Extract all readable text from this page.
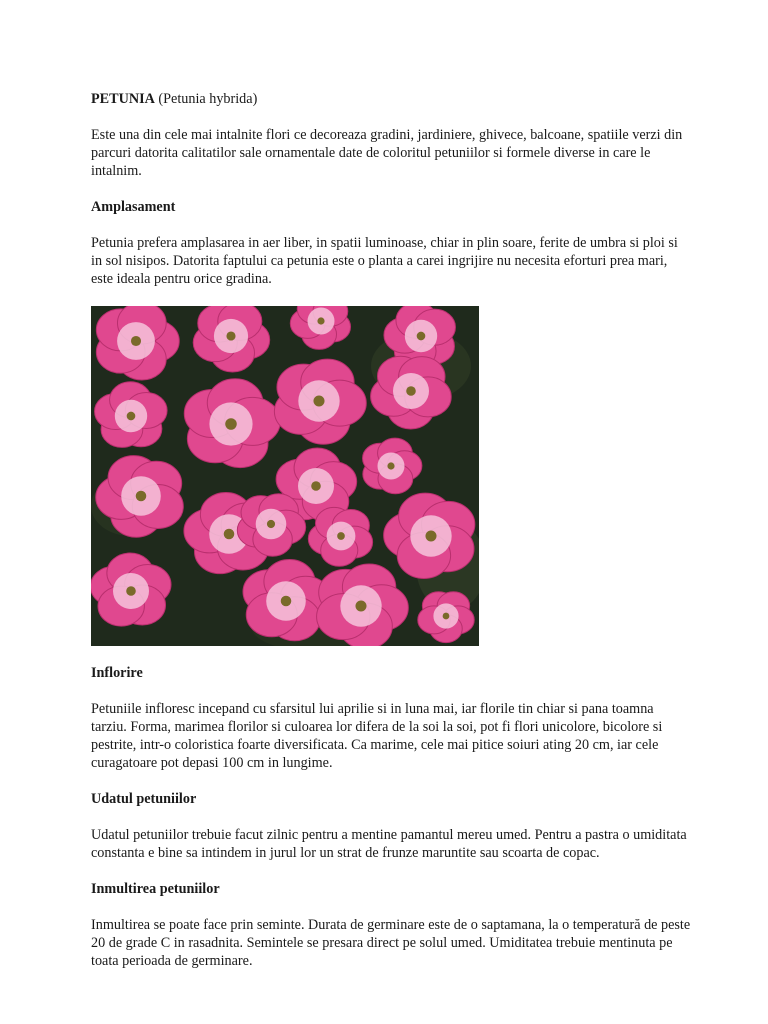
PETUNIA (Petunia hybrida)

Este una din cele mai intalnite flori ce decoreaza gradini, jardiniere, ghivece, balcoane, spatiile verzi din parcuri datorita calitatilor sale ornamentale date de coloritul petuniilor si formele diverse in care le intalnim.

Amplasament

Petunia prefera amplasarea in aer liber, in spatii luminoase, chiar in plin soare, ferite de umbra si ploi si in sol nisipos. Datorita faptului ca petunia este o planta a carei ingrijire nu necesita eforturi prea mari, este ideala pentru orice gradina.

Inflorire

Petuniile infloresc incepand cu sfarsitul lui aprilie si in luna mai, iar florile tin chiar si pana toamna tarziu. Forma, marimea florilor si culoarea lor difera de la soi la soi, pot fi flori unicolore, bicolore si pestrite, intr-o coloristica foarte diversificata. Ca marime, cele mai pitice soiuri ating 20 cm, iar cele curagatoare pot depasi 100 cm in lungime.

Udatul petuniilor

Udatul petuniilor trebuie facut zilnic pentru a mentine pamantul mereu umed. Pentru a pastra o umiditata constanta e bine sa intindem in jurul lor un strat de frunze maruntite sau scoarta de copac.

Inmultirea petuniilor

Inmultirea se poate face prin seminte. Durata de germinare este de o saptamana, la o temperatură de peste 20 de grade C in rasadnita. Semintele se presara direct pe solul umed. Umiditatea trebuie mentinuta pe toata perioada de germinare.
